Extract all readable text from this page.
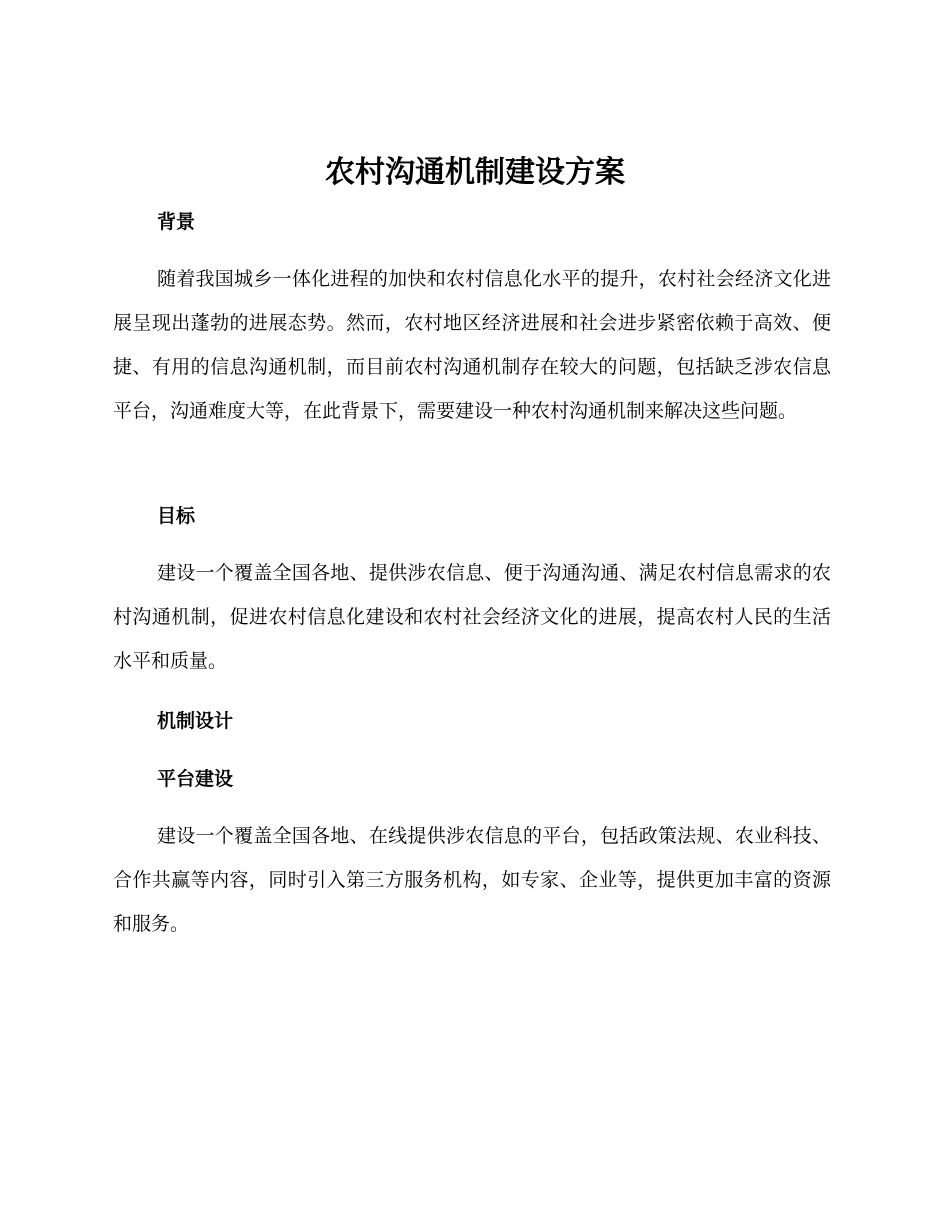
农村沟通机制建设方案
背景
随着我国城乡一体化进程的加快和农村信息化水平的提升，农村社会经济文化进展呈现出蓬勃的进展态势。然而，农村地区经济进展和社会进步紧密依赖于高效、便捷、有用的信息沟通机制，而目前农村沟通机制存在较大的问题，包括缺乏涉农信息平台，沟通难度大等，在此背景下，需要建设一种农村沟通机制来解决这些问题。
目标
建设一个覆盖全国各地、提供涉农信息、便于沟通沟通、满足农村信息需求的农村沟通机制，促进农村信息化建设和农村社会经济文化的进展，提高农村人民的生活水平和质量。
机制设计
平台建设
建设一个覆盖全国各地、在线提供涉农信息的平台，包括政策法规、农业科技、合作共赢等内容，同时引入第三方服务机构，如专家、企业等，提供更加丰富的资源和服务。
